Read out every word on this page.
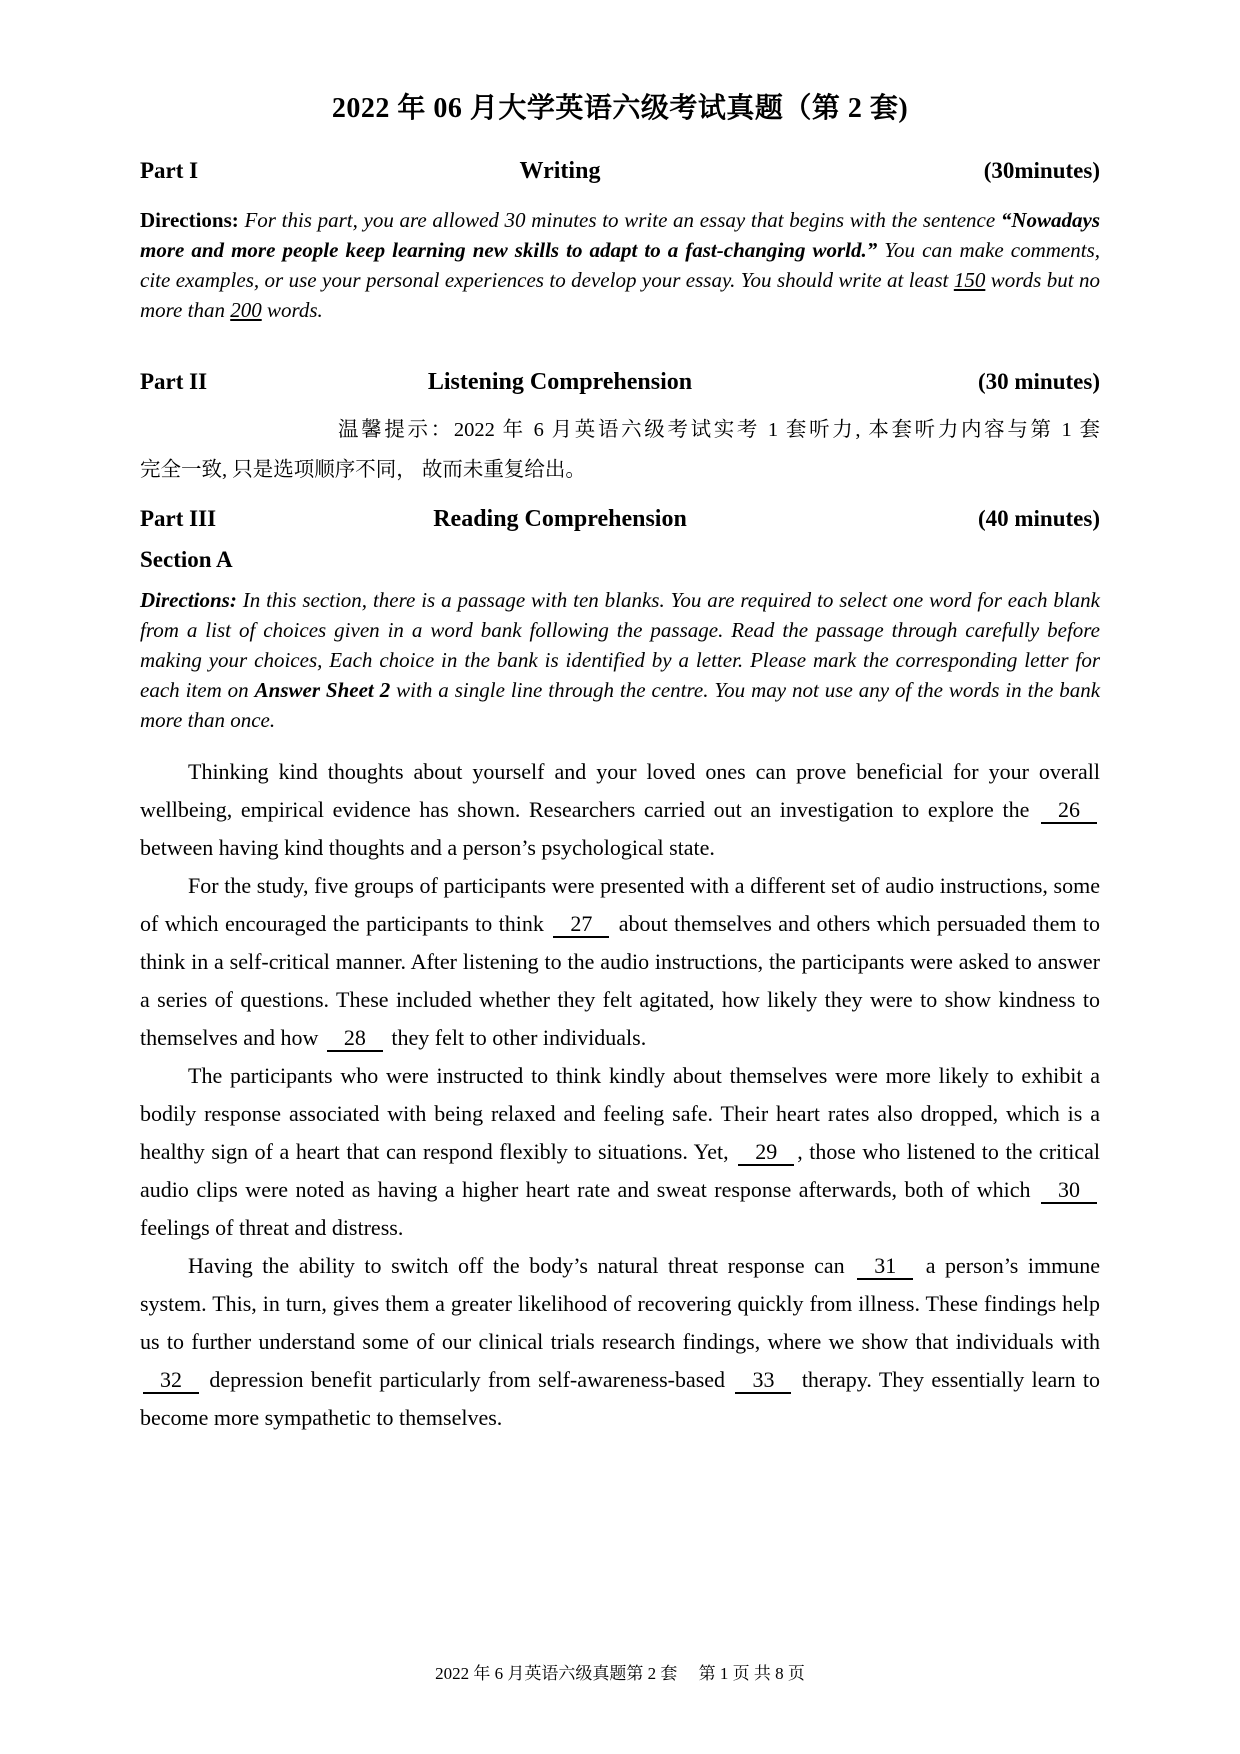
2022 年 06 月大学英语六级考试真题（第 2 套)
Part I	Writing	(30minutes)

Directions: For this part, you are allowed 30 minutes to write an essay that begins with the sentence “Nowadays more and more people keep learning new skills to adapt to a fast-changing world.” You can make comments, cite examples, or use your personal experiences to develop your essay. You should write at least 150 words but no more than 200 words.

Part II	Listening Comprehension	(30 minutes)
温馨提示：2022 年 6 月英语六级考试实考 1 套听力, 本套听力内容与第 1 套
完全一致, 只是选项顺序不同， 故而未重复给出。
Part III	Reading Comprehension	(40 minutes)
Section A

Directions: In this section, there is a passage with ten blanks. You are required to select one word for each blank from a list of choices given in a word bank following the passage. Read the passage through carefully before making your choices, Each choice in the bank is identified by a letter. Please mark the corresponding letter for each item on Answer Sheet 2 with a single line through the centre. You may not use any of the words in the bank more than once.

Thinking kind thoughts about yourself and your loved ones can prove beneficial for your overall wellbeing, empirical evidence has shown. Researchers carried out an investigation to explore the 26 between having kind thoughts and a person’s psychological state.

For the study, five groups of participants were presented with a different set of audio instructions, some of which encouraged the participants to think 27 about themselves and others which persuaded them to think in a self-critical manner. After listening to the audio instructions, the participants were asked to answer a series of questions. These included whether they felt agitated, how likely they were to show kindness to themselves and how 28 they felt to other individuals.

The participants who were instructed to think kindly about themselves were more likely to exhibit a bodily response associated with being relaxed and feeling safe. Their heart rates also dropped, which is a healthy sign of a heart that can respond flexibly to situations. Yet, 29 , those who listened to the critical audio clips were noted as having a higher heart rate and sweat response afterwards, both of which 30 feelings of threat and distress.

Having the ability to switch off the body’s natural threat response can 31 a person’s immune system. This, in turn, gives them a greater likelihood of recovering quickly from illness. These findings help us to further understand some of our clinical trials research findings, where we show that individuals with 32 depression benefit particularly from self-awareness-based 33 therapy. They essentially learn to become more sympathetic to themselves.

2022 年 6 月英语六级真题第 2 套　 第 1 页 共 8 页
